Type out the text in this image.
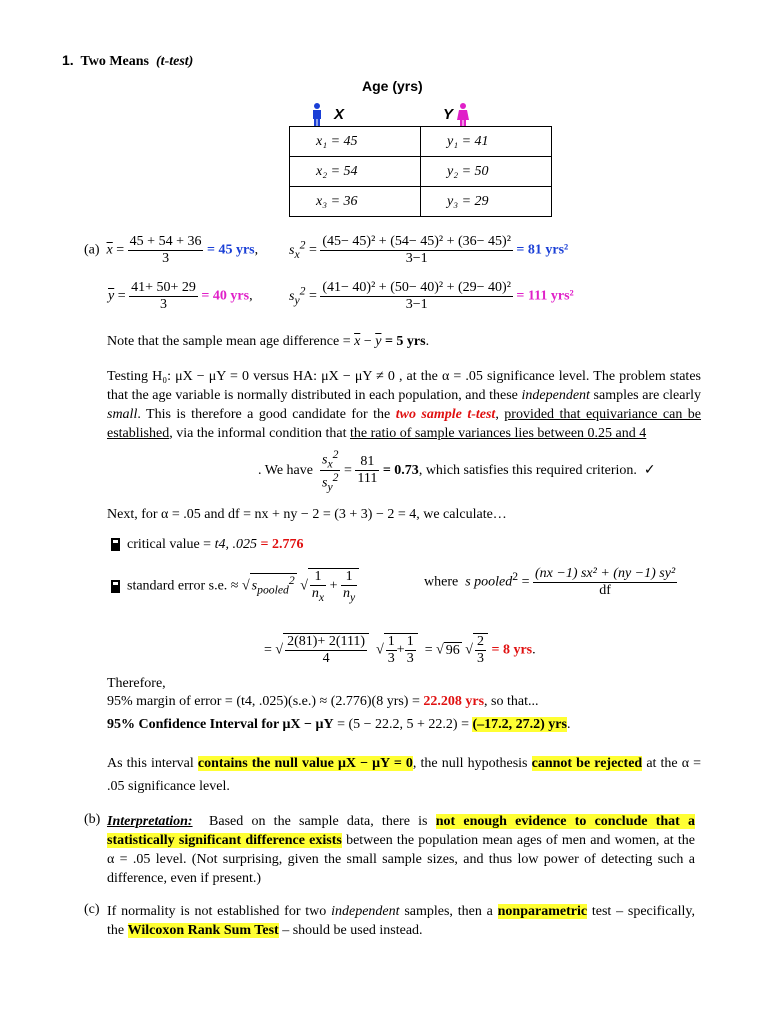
1. Two Means (t-test)
Age (yrs)
X	Y
x₁ = 45	y₁ = 41
x₂ = 54	y₂ = 50
x₃ = 36	y₃ = 29
(a) $\overline{x} = \frac{45 + 54 + 36}{3} = 45$ yrs, $s_x^2 = \frac{\text{(45− 45)² + (54− 45)² + (36− 45)²}}{3-1} = 81$ yrs²
$\overline{y} = \frac{41+ 50+ 29}{3} = 40$ yrs,	$s_y^2 = \frac{\text{(41− 40)² + (50− 40)² + (29− 40)²}}{3-1} = 111$ yrs²
Note that the sample mean age difference = $\overline{x} - \overline{y} = 5$ yrs.
Testing H₀: μX − μY = 0 versus HA: μX − μY ≠ 0 , at the α = .05 significance level. The problem states that the age variable is normally distributed in each population, and these independent samples are clearly small. This is therefore a good candidate for the two sample t-test, provided that equivariance can be established, via the informal condition that the ratio of sample variances lies between 0.25 and 4
. We have $\frac{s_x^2}{s_y^2} = \frac{81}{111} = 0.73$, which satisfies this required criterion. ✓
Next, for α = .05 and df = nx + ny − 2 = (3 + 3) − 2 = 4, we calculate…
critical value = t4, .025 = 2.776
standard error s.e. ≈ √ $s_{pooled}^2$ √ $\frac{1}{n_x} + \frac{1}{n_y}$	where s pooled$^2$ = $\frac{\text{(nx −1) sx² + (ny −1) sy²}}{df}$
= √ $\frac{2(81)+ 2(111)}{4}$ √ $\frac{1}{3} + \frac{1}{3}$ = √ 96 √ $\frac{2}{3} = 8$ yrs.
Therefore,
95% margin of error = (t4, .025)(s.e.) ≈ (2.776)(8 yrs) = 22.208 yrs, so that...
95% Confidence Interval for μX − μY = (5 − 22.2, 5 + 22.2) = (–17.2, 27.2) yrs.
As this interval contains the null value μX − μY = 0, the null hypothesis cannot be rejected at the α = .05 significance level.
(b) Interpretation: Based on the sample data, there is not enough evidence to conclude that a statistically significant difference exists between the population mean ages of men and women, at the α = .05 level. (Not surprising, given the small sample sizes, and thus low power of detecting such a difference, even if present.)
(c) If normality is not established for two independent samples, then a nonparametric test – specifically, the Wilcoxon Rank Sum Test – should be used instead.
